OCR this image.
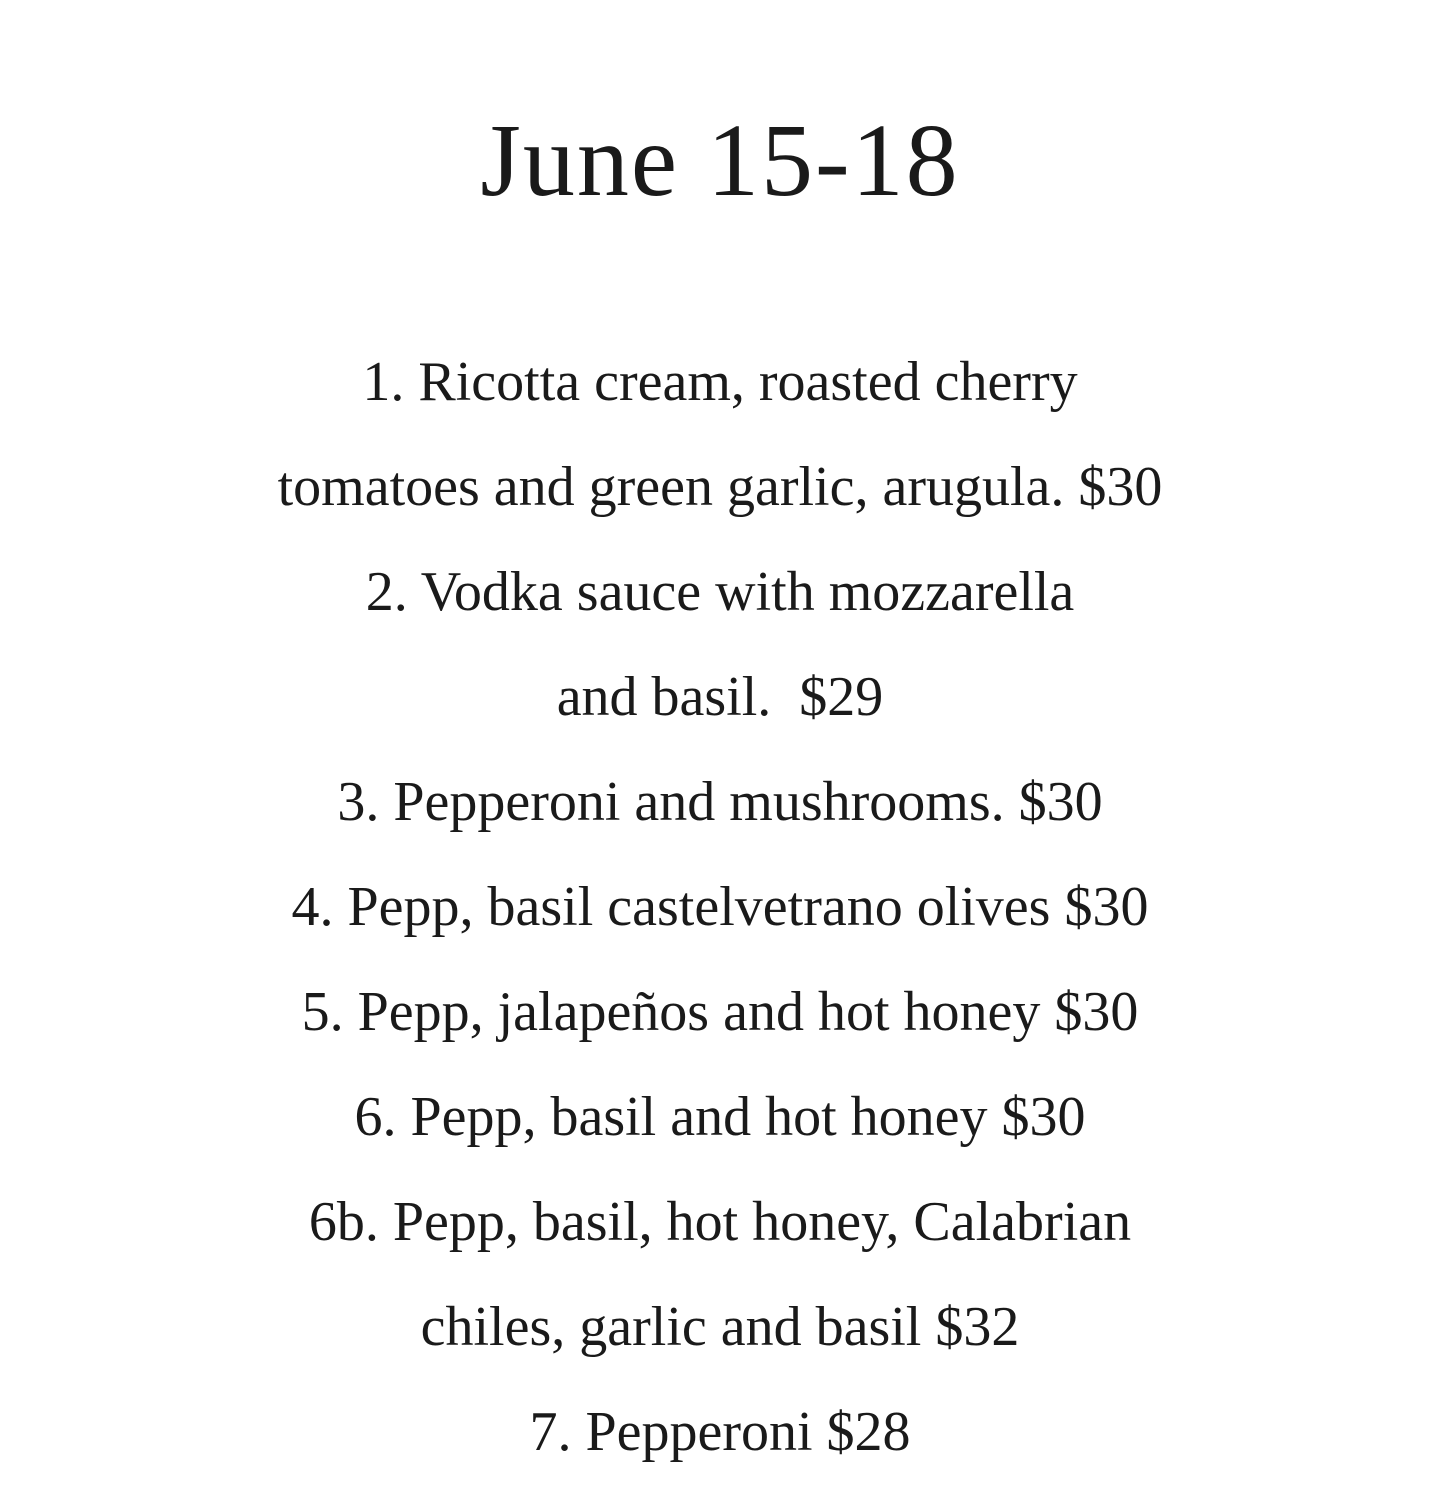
June 15-18
1. Ricotta cream, roasted cherry
tomatoes and green garlic, arugula. $30
2. Vodka sauce with mozzarella
and basil.  $29
3. Pepperoni and mushrooms. $30
4. Pepp, basil castelvetrano olives $30
5. Pepp, jalapeños and hot honey $30
6. Pepp, basil and hot honey $30
6b. Pepp, basil, hot honey, Calabrian
chiles, garlic and basil $32
7. Pepperoni $28
